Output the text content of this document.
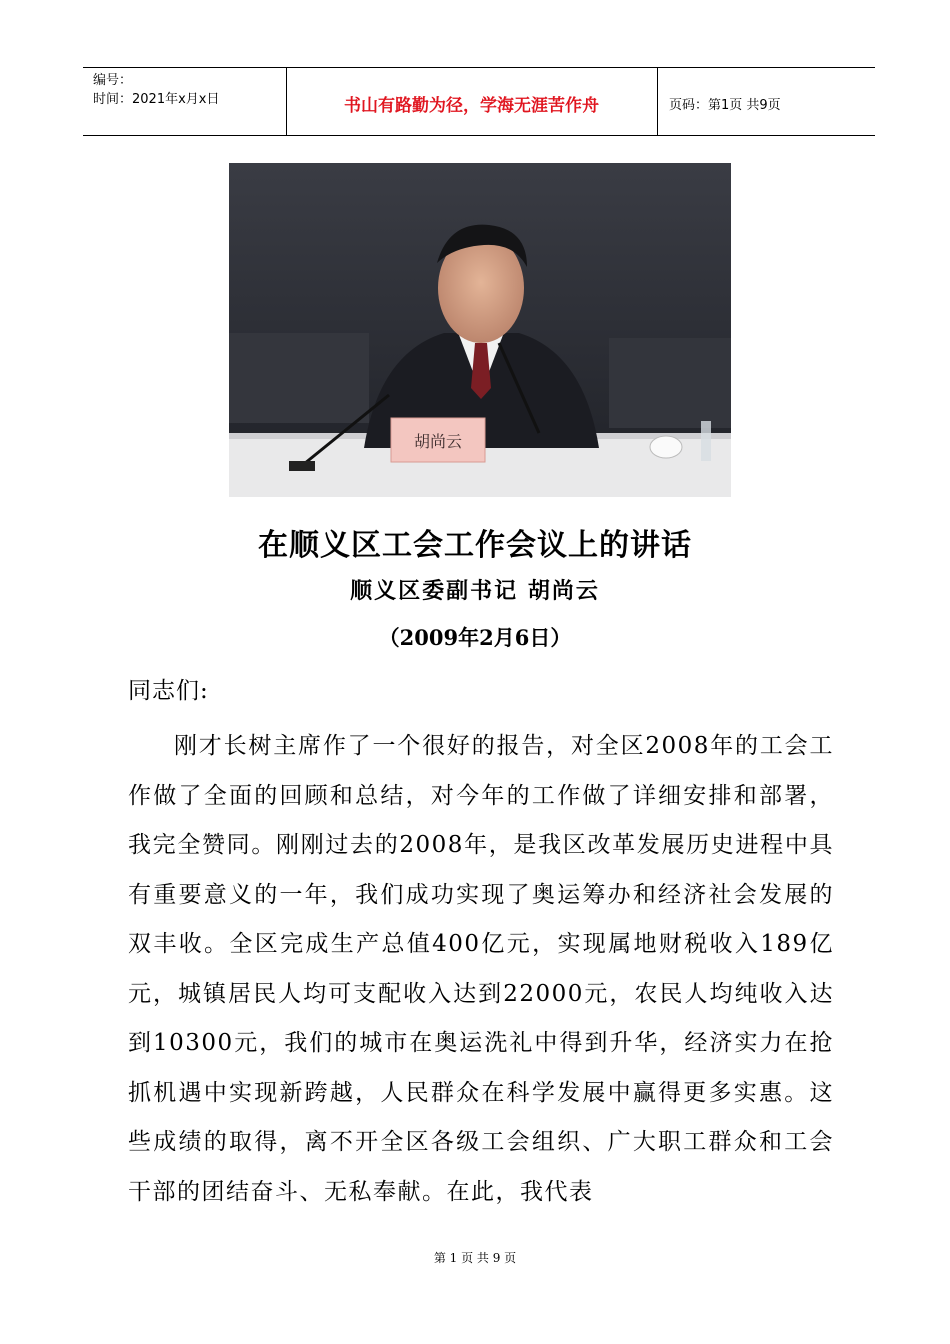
编号：
时间：2021年x月x日	书山有路勤为径，学海无涯苦作舟	页码：第1页 共9页
胡尚云
在顺义区工会工作会议上的讲话
顺义区委副书记 胡尚云
（2009年2月6日）
同志们:

刚才长树主席作了一个很好的报告，对全区2008年的工会工作做了全面的回顾和总结，对今年的工作做了详细安排和部署，我完全赞同。刚刚过去的2008年，是我区改革发展历史进程中具有重要意义的一年，我们成功实现了奥运筹办和经济社会发展的双丰收。全区完成生产总值400亿元，实现属地财税收入189亿元，城镇居民人均可支配收入达到22000元，农民人均纯收入达到10300元，我们的城市在奥运洗礼中得到升华，经济实力在抢抓机遇中实现新跨越，人民群众在科学发展中赢得更多实惠。这些成绩的取得，离不开全区各级工会组织、广大职工群众和工会干部的团结奋斗、无私奉献。在此，我代表

第 1 页 共 9 页
